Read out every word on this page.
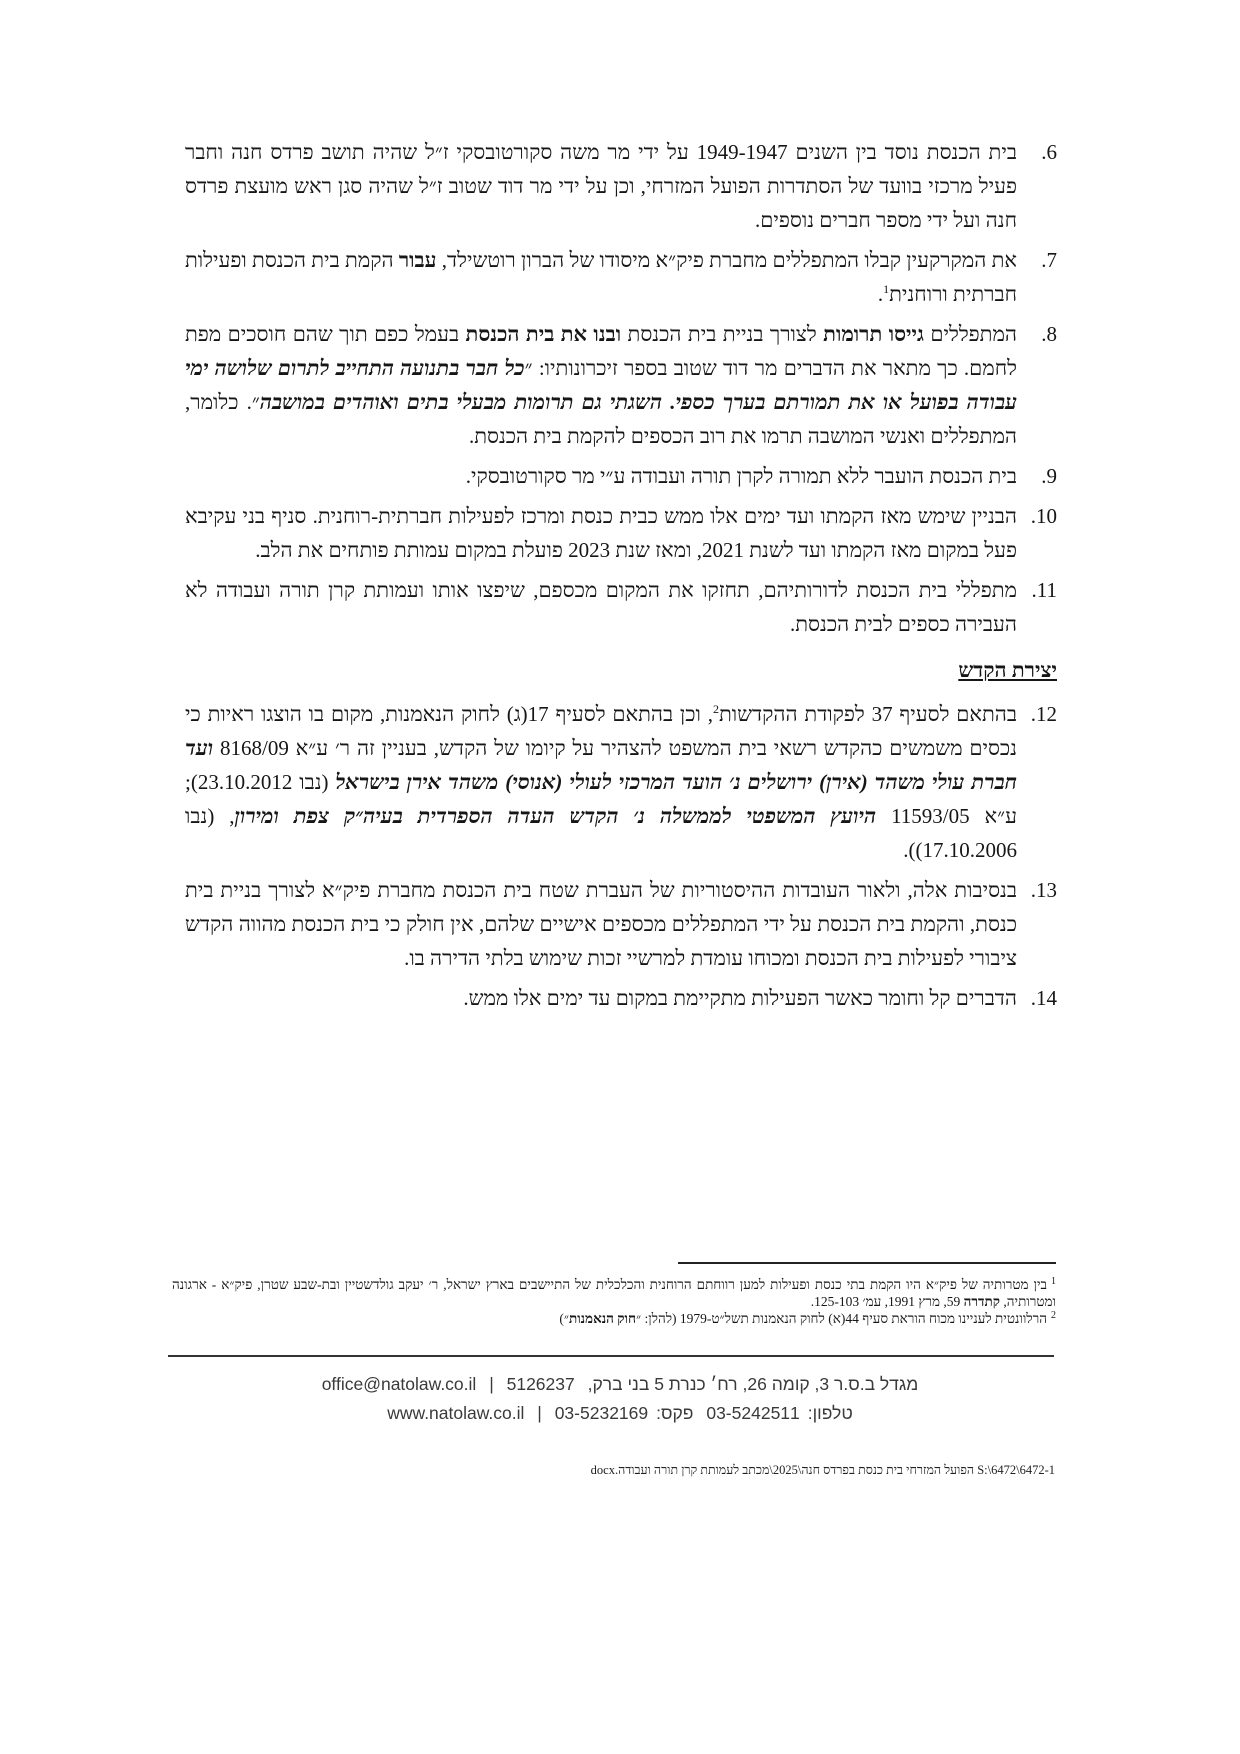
6.
בית הכנסת נוסד בין השנים 1949-1947 על ידי מר משה סקורטובסקי ז״ל שהיה תושב פרדס חנה וחבר פעיל מרכזי בוועד של הסתדרות הפועל המזרחי, וכן על ידי מר דוד שטוב ז״ל שהיה סגן ראש מועצת פרדס חנה ועל ידי מספר חברים נוספים.
7.
את המקרקעין קבלו המתפללים מחברת פיק״א מיסודו של הברון רוטשילד, עבור הקמת בית הכנסת ופעילות חברתית ורוחנית$^1$.
8.
המתפללים גייסו תרומות לצורך בניית בית הכנסת ובנו את בית הכנסת בעמל כפם תוך שהם חוסכים מפת לחמם. כך מתאר את הדברים מר דוד שטוב בספר זיכרונותיו: ״כל חבר בתנועה התחייב לתרום שלושה ימי עבודה בפועל או את תמורתם בערך כספי. השגתי גם תרומות מבעלי בתים ואוהדים במושבה״. כלומר, המתפללים ואנשי המושבה תרמו את רוב הכספים להקמת בית הכנסת.
9.
בית הכנסת הועבר ללא תמורה לקרן תורה ועבודה ע״י מר סקורטובסקי.
10.
הבניין שימש מאז הקמתו ועד ימים אלו ממש כבית כנסת ומרכז לפעילות חברתית-רוחנית. סניף בני עקיבא פעל במקום מאז הקמתו ועד לשנת 2021, ומאז שנת 2023 פועלת במקום עמותת פותחים את הלב.
11.
מתפללי בית הכנסת לדורותיהם, תחזקו את המקום מכספם, שיפצו אותו ועמותת קרן תורה ועבודה לא העבירה כספים לבית הכנסת.
יצירת הקדש
12.
בהתאם לסעיף 37 לפקודת ההקדשות$^2$, וכן בהתאם לסעיף 17(ג) לחוק הנאמנות, מקום בו הוצגו ראיות כי נכסים משמשים כהקדש רשאי בית המשפט להצהיר על קיומו של הקדש, בעניין זה ר׳ ע״א 8168/09 ועד חברת עולי משהד (אירן) ירושלים נ׳ הועד המרכזי לעולי (אנוסי) משהד אירן בישראל (נבו 23.10.2012); ע״א 11593/05 היועץ המשפטי לממשלה נ׳ הקדש העדה הספרדית בעיה״ק צפת ומירון, (נבו 17.10.2006)).
13.
בנסיבות אלה, ולאור העובדות ההיסטוריות של העברת שטח בית הכנסת מחברת פיק״א לצורך בניית בית כנסת, והקמת בית הכנסת על ידי המתפללים מכספים אישיים שלהם, אין חולק כי בית הכנסת מהווה הקדש ציבורי לפעילות בית הכנסת ומכוחו עומדת למרשיי זכות שימוש בלתי הדירה בו.
14.
הדברים קל וחומר כאשר הפעילות מתקיימת במקום עד ימים אלו ממש.
$^1$בין מטרותיה של פיק״א היו הקמת בתי כנסת ופעילות למען רווחתם הרוחנית והכלכלית של התיישבים בארץ ישראל, ר׳ יעקב גולדשטיין ובת-שבע שטרן, פיק״א - ארגונה ומטרותיה, קתדרה 59, מרץ 1991, עמ׳ 125-103.
$^2$הרלוונטית לעניינו מכוח הוראת סעיף 44(א) לחוק הנאמנות תשל״ט-1979 (להלן: ״חוק הנאמנות״)
מגדל ב.ס.ר 3, קומה 26, רח׳ כנרת 5 בני ברק, 5126237 | office@natolaw.co.il
טלפון:03-5242511 פקס:03-5232169 | www.natolaw.co.il
S:\6472\6472-1 הפועל המזרחי בית כנסת בפרדס חנה\2025\מכתב לעמותת קרן תורה ועבודה.docx
